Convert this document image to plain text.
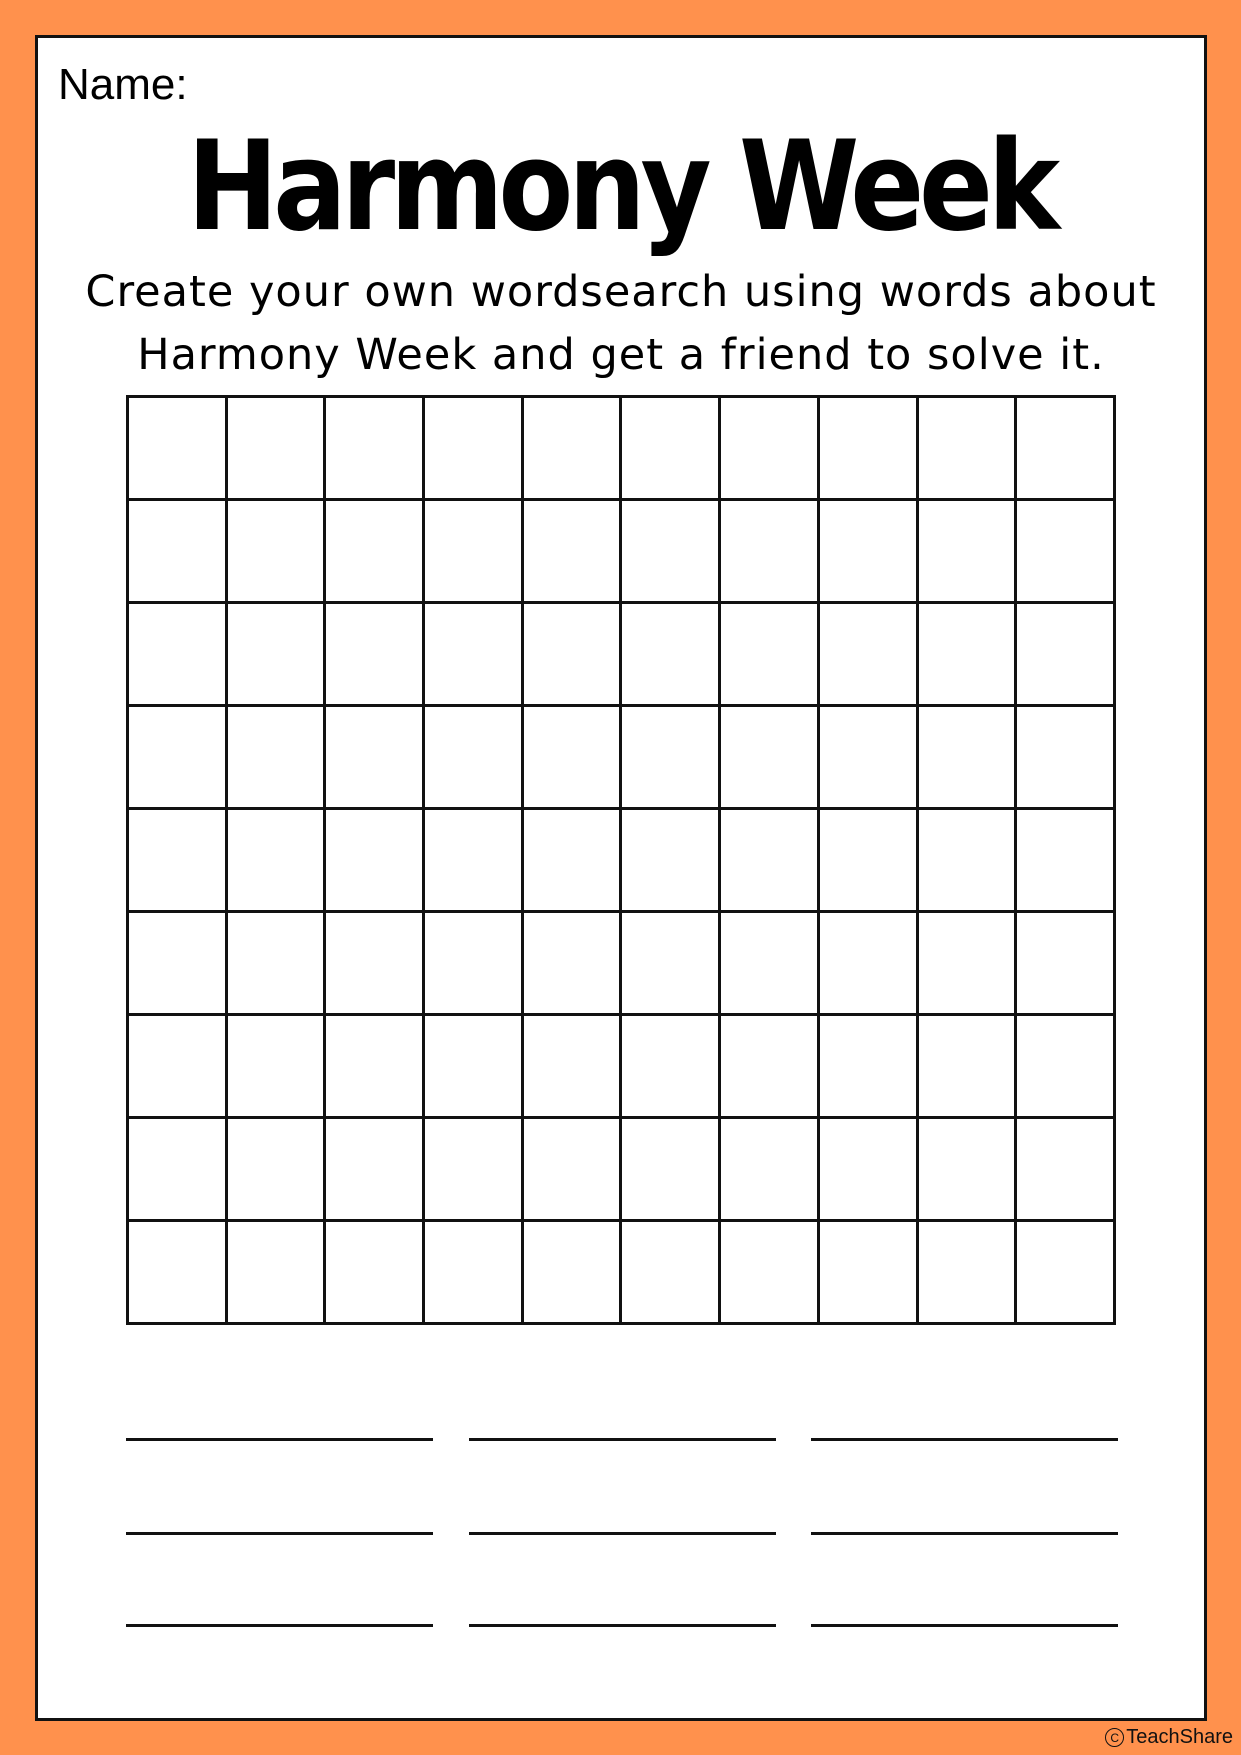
Name:
Harmony Week
Create your own wordsearch using words about
Harmony Week and get a friend to solve it.
C TeachShare
